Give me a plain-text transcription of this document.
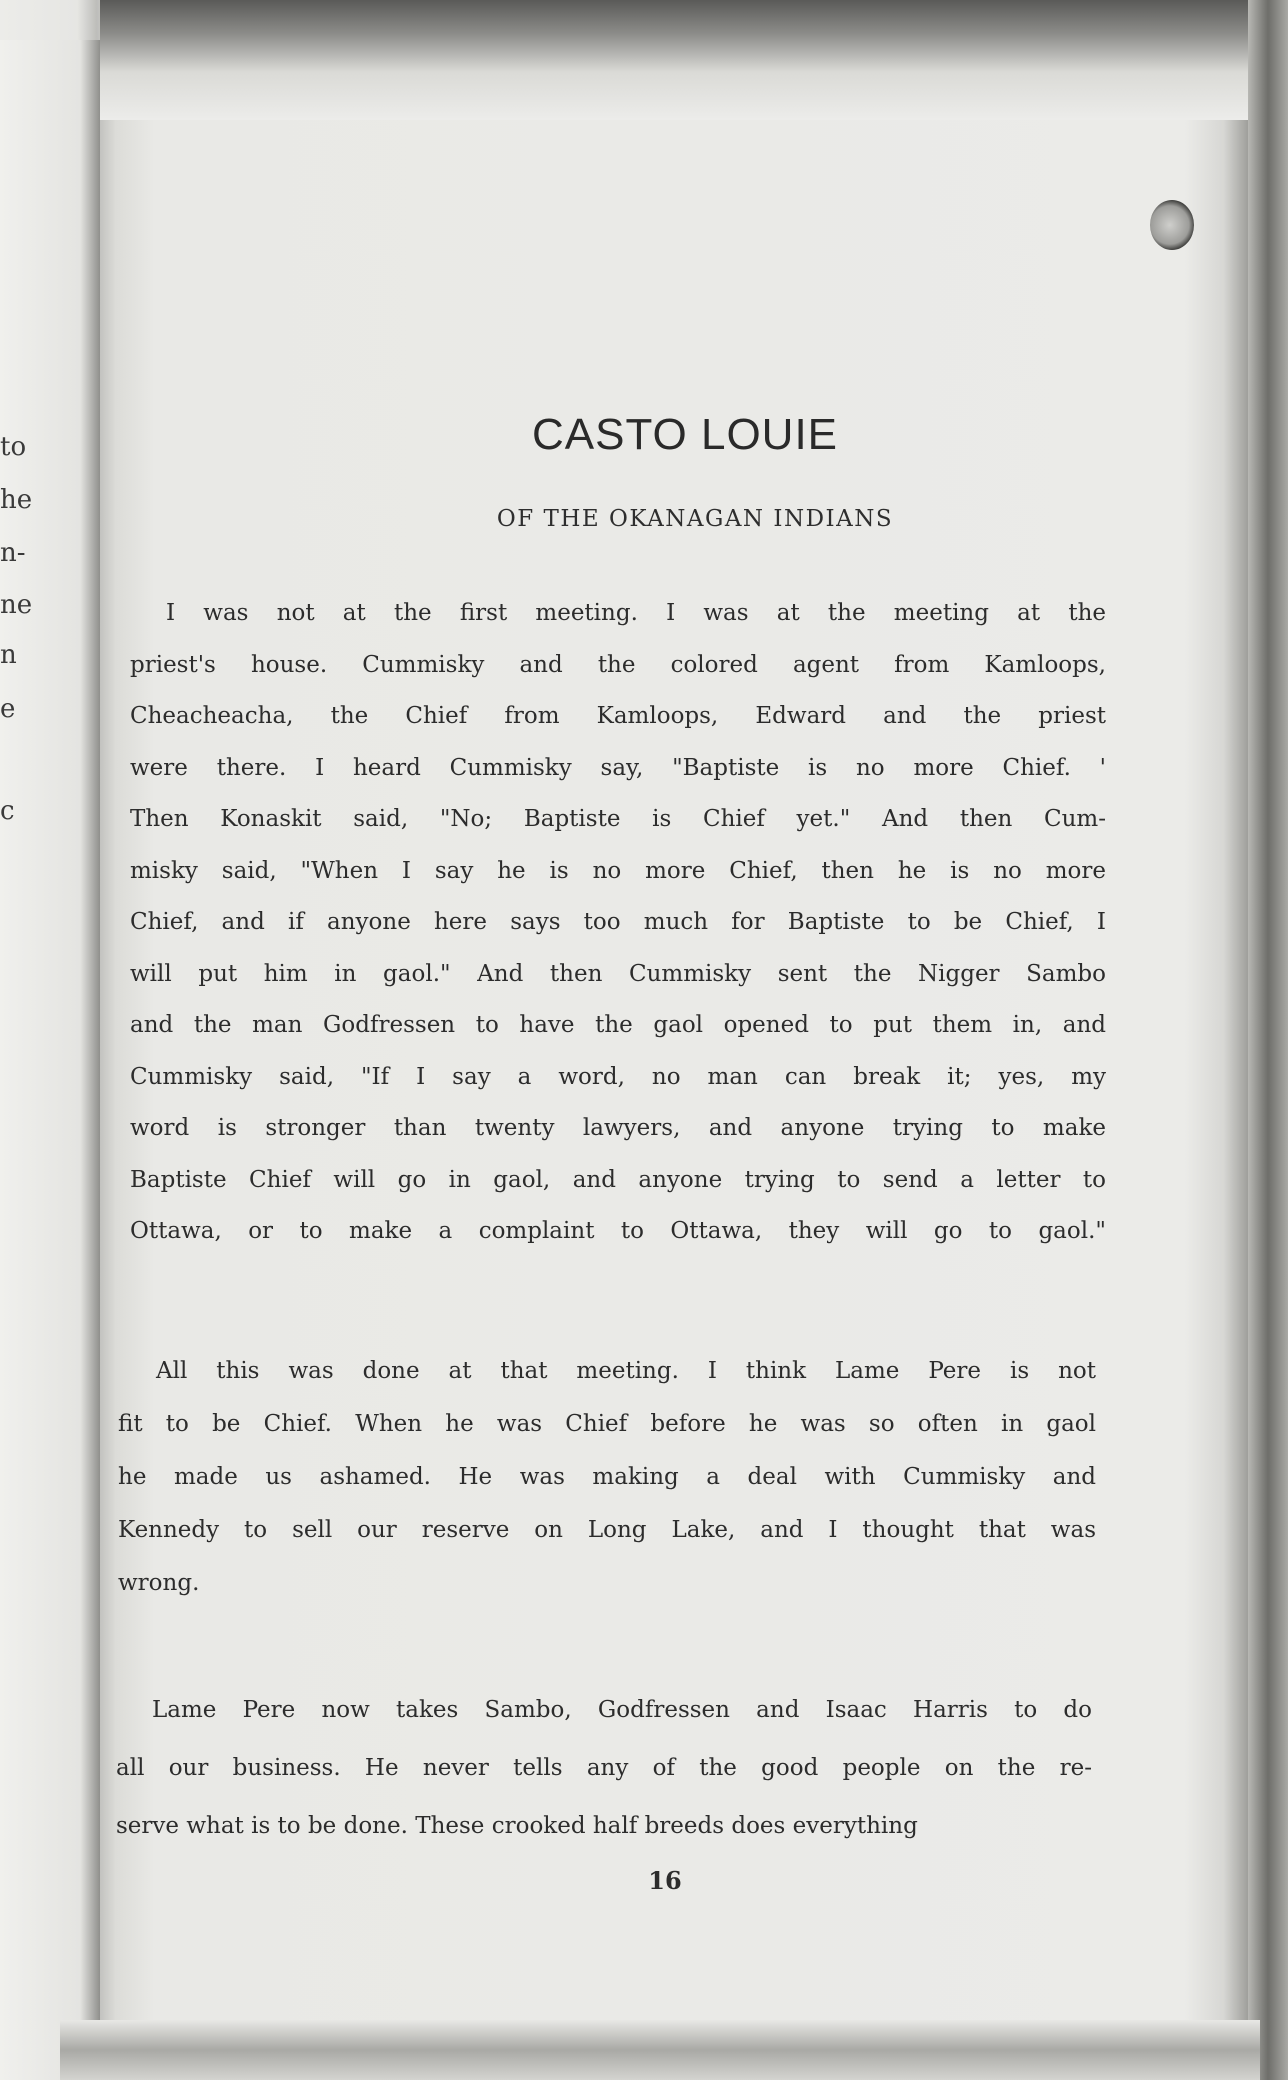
to
he
n-
ne
n
e
c
CASTO LOUIE
OF THE OKANAGAN INDIANS
I was not at the first meeting. I was at the meeting at the
priest's house. Cummisky and the colored agent from Kamloops,
Cheacheacha, the Chief from Kamloops, Edward and the priest
were there. I heard Cummisky say, "Baptiste is no more Chief. '
Then Konaskit said, "No; Baptiste is Chief yet." And then Cum-
misky said, "When I say he is no more Chief, then he is no more
Chief, and if anyone here says too much for Baptiste to be Chief, I
will put him in gaol." And then Cummisky sent the Nigger Sambo
and the man Godfressen to have the gaol opened to put them in, and
Cummisky said, "If I say a word, no man can break it; yes, my
word is stronger than twenty lawyers, and anyone trying to make
Baptiste Chief will go in gaol, and anyone trying to send a letter to
Ottawa, or to make a complaint to Ottawa, they will go to gaol."
All this was done at that meeting. I think Lame Pere is not
fit to be Chief. When he was Chief before he was so often in gaol
he made us ashamed. He was making a deal with Cummisky and
Kennedy to sell our reserve on Long Lake, and I thought that was
wrong.
Lame Pere now takes Sambo, Godfressen and Isaac Harris to do
all our business. He never tells any of the good people on the re-
serve what is to be done. These crooked half breeds does everything
16
